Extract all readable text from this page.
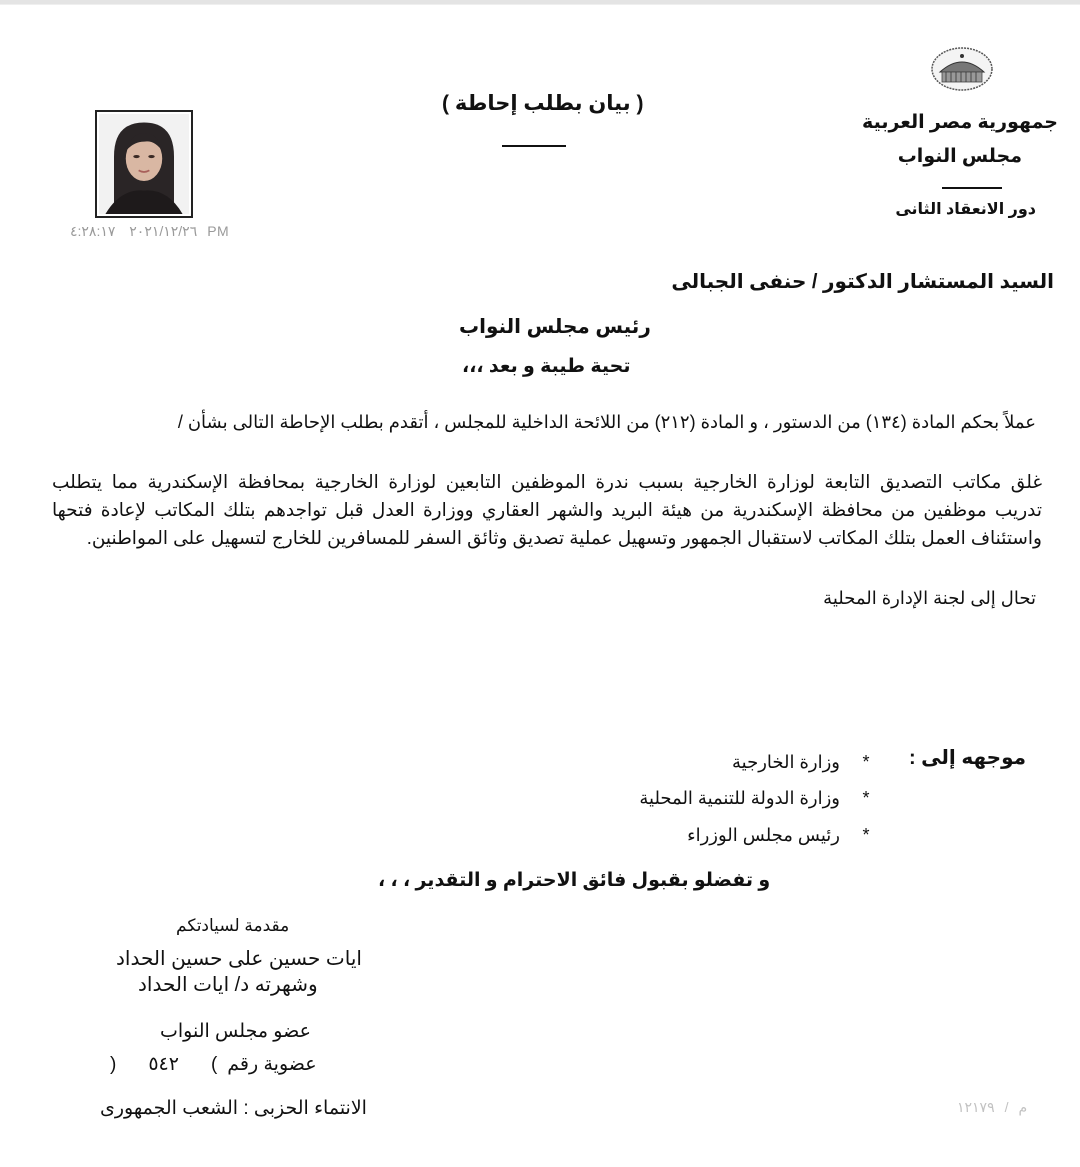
جمهورية مصر العربية
مجلس النواب
دور الانعقاد الثانى
( بيان بطلب إحاطة )
٢٠٢١/١٢/٢٦ ٤:٢٨:١٧PM
السيد المستشار الدكتور / حنفى الجبالى
رئيس مجلس النواب
تحية طيبة و بعد ،،،
عملاً بحكم المادة (١٣٤) من الدستور ، و المادة (٢١٢) من اللائحة الداخلية للمجلس ، أتقدم بطلب الإحاطة التالى بشأن /
غلق مكاتب التصديق التابعة لوزارة الخارجية بسبب ندرة الموظفين التابعين لوزارة الخارجية بمحافظة الإسكندرية مما يتطلب
تدريب موظفين من محافظة الإسكندرية من هيئة البريد والشهر العقاري ووزارة العدل قبل تواجدهم بتلك المكاتب لإعادة فتحها
واستئناف العمل بتلك المكاتب لاستقبال الجمهور وتسهيل عملية تصديق وثائق السفر للمسافرين للخارج لتسهيل على المواطنين.
تحال إلى لجنة الإدارة المحلية
موجهه إلى :
*
وزارة الخارجية
*
وزارة الدولة للتنمية المحلية
*
رئيس مجلس الوزراء
و تفضلو بقبول فائق الاحترام و التقدير ، ، ،
مقدمة لسيادتكم
ايات حسين على حسين الحداد
وشهرته د/ ايات الحداد
عضو مجلس النواب
عضوية رقم
(
٥٤٢
)
الانتماء الحزبى : الشعب الجمهورى	م
/
١٢١٧٩
